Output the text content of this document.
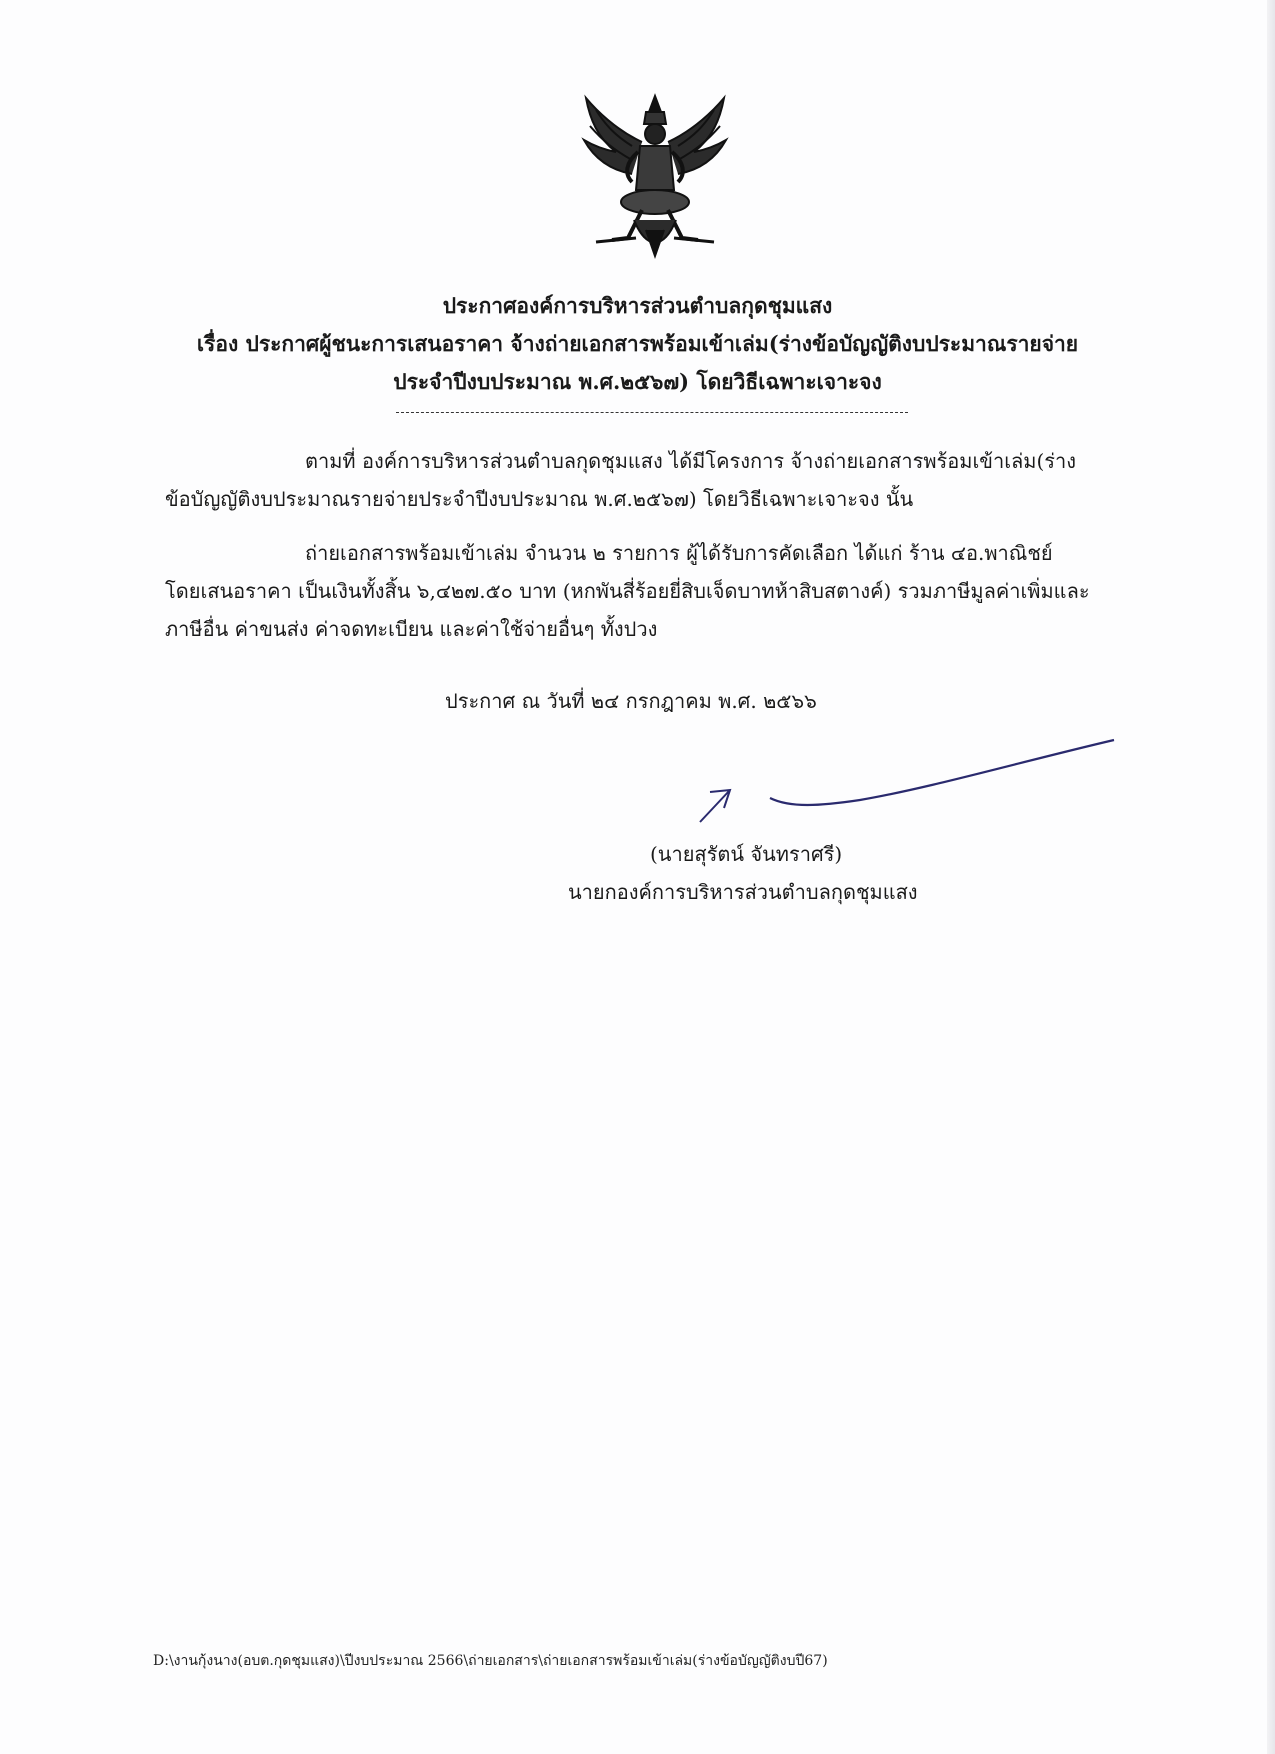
ประกาศองค์การบริหารส่วนตำบลกุดชุมแสง
เรื่อง ประกาศผู้ชนะการเสนอราคา จ้างถ่ายเอกสารพร้อมเข้าเล่ม(ร่างข้อบัญญัติงบประมาณรายจ่าย
ประจำปีงบประมาณ พ.ศ.๒๕๖๗) โดยวิธีเฉพาะเจาะจง
ตามที่ องค์การบริหารส่วนตำบลกุดชุมแสง ได้มีโครงการ จ้างถ่ายเอกสารพร้อมเข้าเล่ม(ร่าง
ข้อบัญญัติงบประมาณรายจ่ายประจำปีงบประมาณ พ.ศ.๒๕๖๗) โดยวิธีเฉพาะเจาะจง นั้น
ถ่ายเอกสารพร้อมเข้าเล่ม จำนวน ๒ รายการ ผู้ได้รับการคัดเลือก ได้แก่ ร้าน ๔อ.พาณิชย์
โดยเสนอราคา เป็นเงินทั้งสิ้น ๖,๔๒๗.๕๐ บาท (หกพันสี่ร้อยยี่สิบเจ็ดบาทห้าสิบสตางค์) รวมภาษีมูลค่าเพิ่มและ
ภาษีอื่น ค่าขนส่ง ค่าจดทะเบียน และค่าใช้จ่ายอื่นๆ ทั้งปวง
ประกาศ ณ วันที่ ๒๔ กรกฎาคม พ.ศ. ๒๕๖๖
(นายสุรัตน์ จันทราศรี)
นายกองค์การบริหารส่วนตำบลกุดชุมแสง
D:\งานกุ้งนาง(อบต.กุดชุมแสง)\ปีงบประมาณ 2566\ถ่ายเอกสาร\ถ่ายเอกสารพร้อมเข้าเล่ม(ร่างข้อบัญญัติงบปี67)
